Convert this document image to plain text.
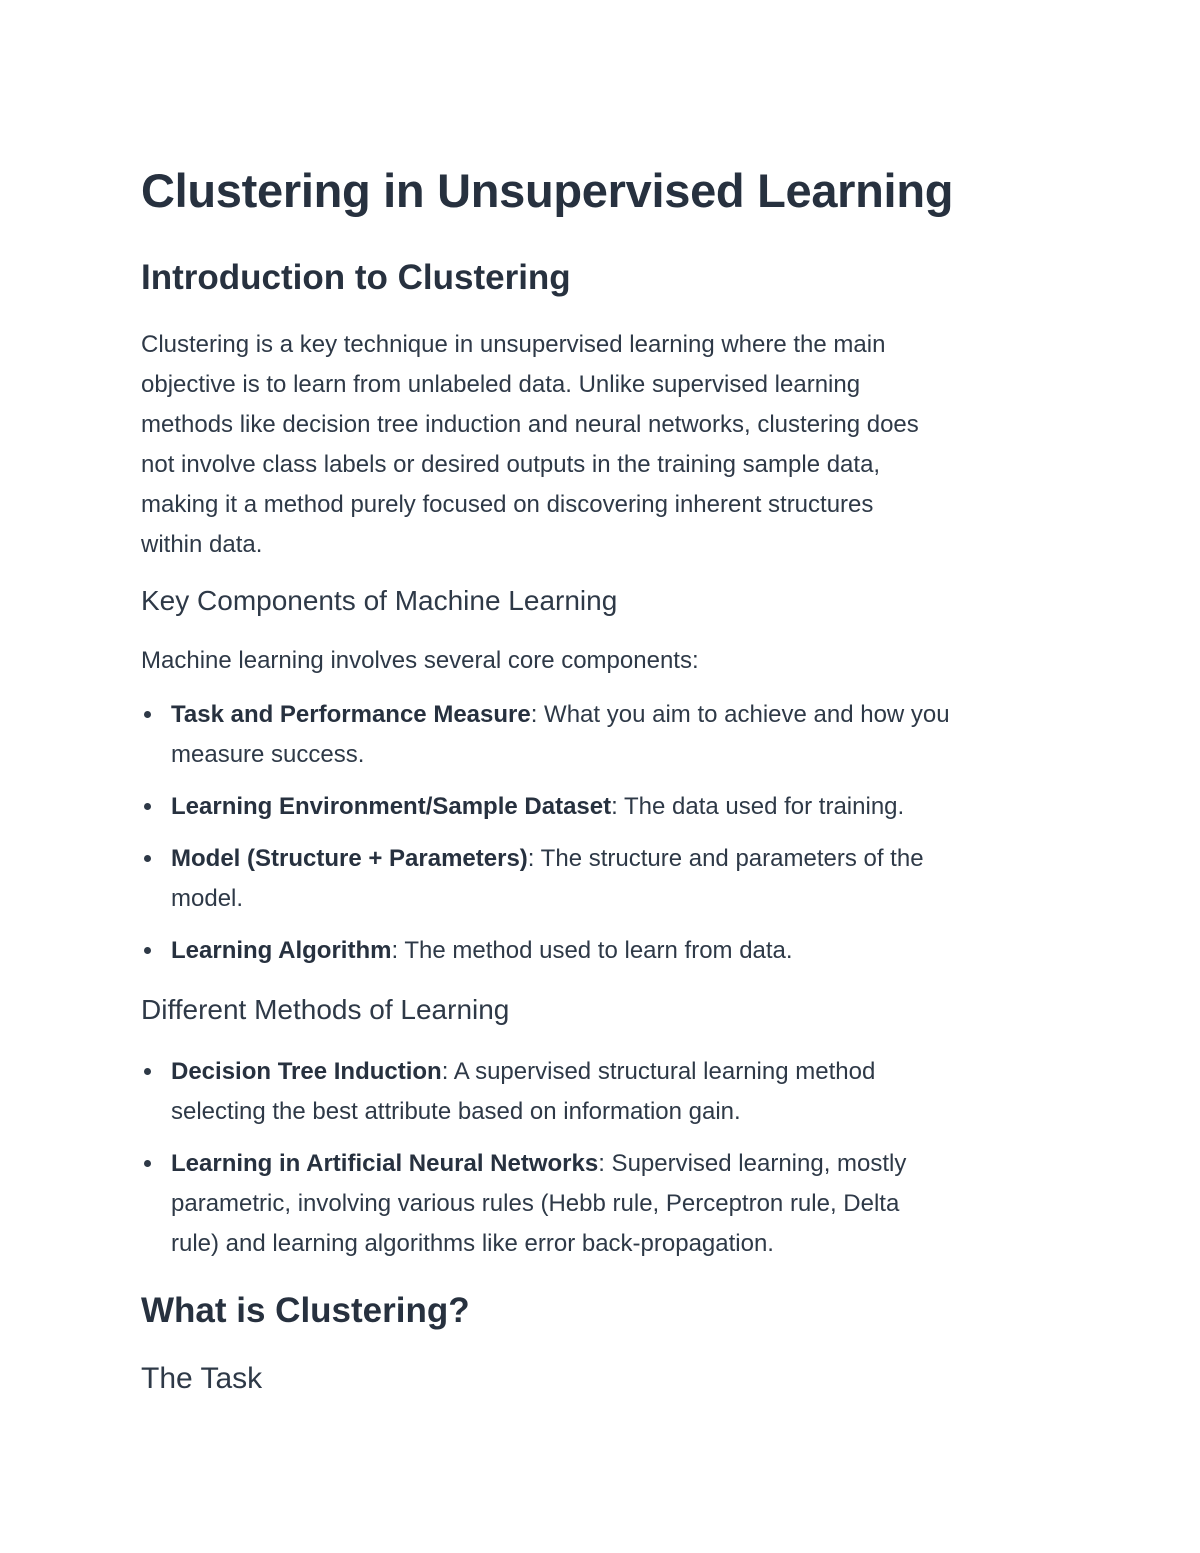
Clustering in Unsupervised Learning
Introduction to Clustering

Clustering is a key technique in unsupervised learning where the main
objective is to learn from unlabeled data. Unlike supervised learning
methods like decision tree induction and neural networks, clustering does
not involve class labels or desired outputs in the training sample data,
making it a method purely focused on discovering inherent structures
within data.

Key Components of Machine Learning

Machine learning involves several core components:

Task and Performance Measure: What you aim to achieve and how you
measure success.
Learning Environment/Sample Dataset: The data used for training.
Model (Structure + Parameters): The structure and parameters of the
model.
Learning Algorithm: The method used to learn from data.
Different Methods of Learning
Decision Tree Induction: A supervised structural learning method
selecting the best attribute based on information gain.
Learning in Artificial Neural Networks: Supervised learning, mostly
parametric, involving various rules (Hebb rule, Perceptron rule, Delta
rule) and learning algorithms like error back-propagation.
What is Clustering?
The Task
